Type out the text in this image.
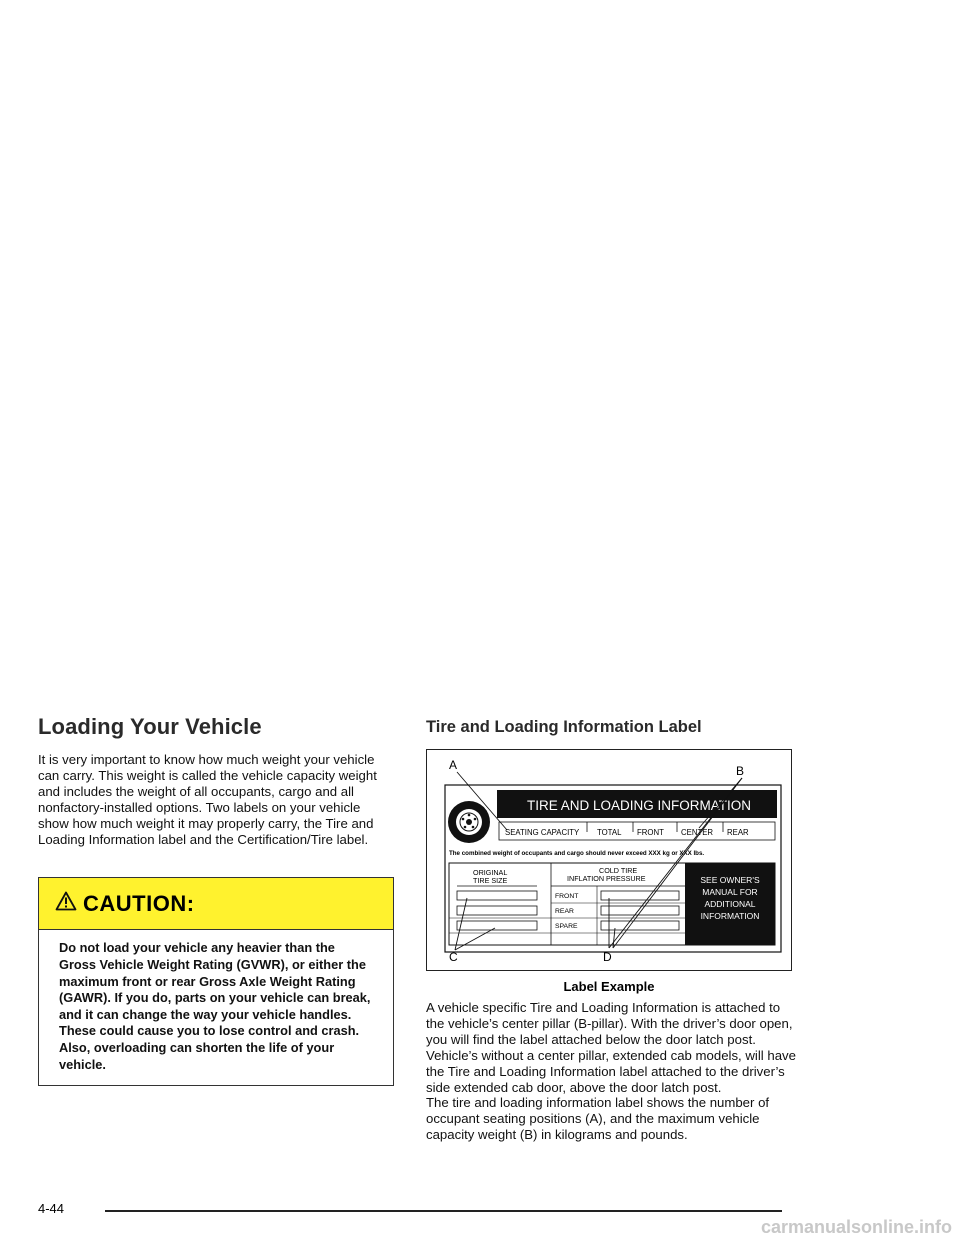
Loading Your Vehicle

It is very important to know how much weight your vehicle can carry. This weight is called the vehicle capacity weight and includes the weight of all occupants, cargo and all nonfactory-installed options. Two labels on your vehicle show how much weight it may properly carry, the Tire and Loading Information label and the Certification/Tire label.

CAUTION:
Do not load your vehicle any heavier than the Gross Vehicle Weight Rating (GVWR), or either the maximum front or rear Gross Axle Weight Rating (GAWR). If you do, parts on your vehicle can break, and it can change the way your vehicle handles. These could cause you to lose control and crash. Also, overloading can shorten the life of your vehicle.
Tire and Loading Information Label
TIRE AND LOADING INFORMATION
SEATING CAPACITY TOTAL FRONT CENTER REAR
The combined weight of occupants and cargo should never exceed XXX kg or XXX lbs.
ORIGINAL
TIRE SIZE
COLD TIRE
INFLATION PRESSURE
FRONT
REAR
SPARE
SEE OWNER'S
MANUAL FOR
ADDITIONAL
INFORMATION
A	B
C	D
Label Example

A vehicle specific Tire and Loading Information is attached to the vehicle’s center pillar (B-pillar). With the driver’s door open, you will find the label attached below the door latch post. Vehicle’s without a center pillar, extended cab models, will have the Tire and Loading Information label attached to the driver’s side extended cab door, above the door latch post.

The tire and loading information label shows the number of occupant seating positions (A), and the maximum vehicle capacity weight (B) in kilograms and pounds.

4-44
carmanualsonline.info
